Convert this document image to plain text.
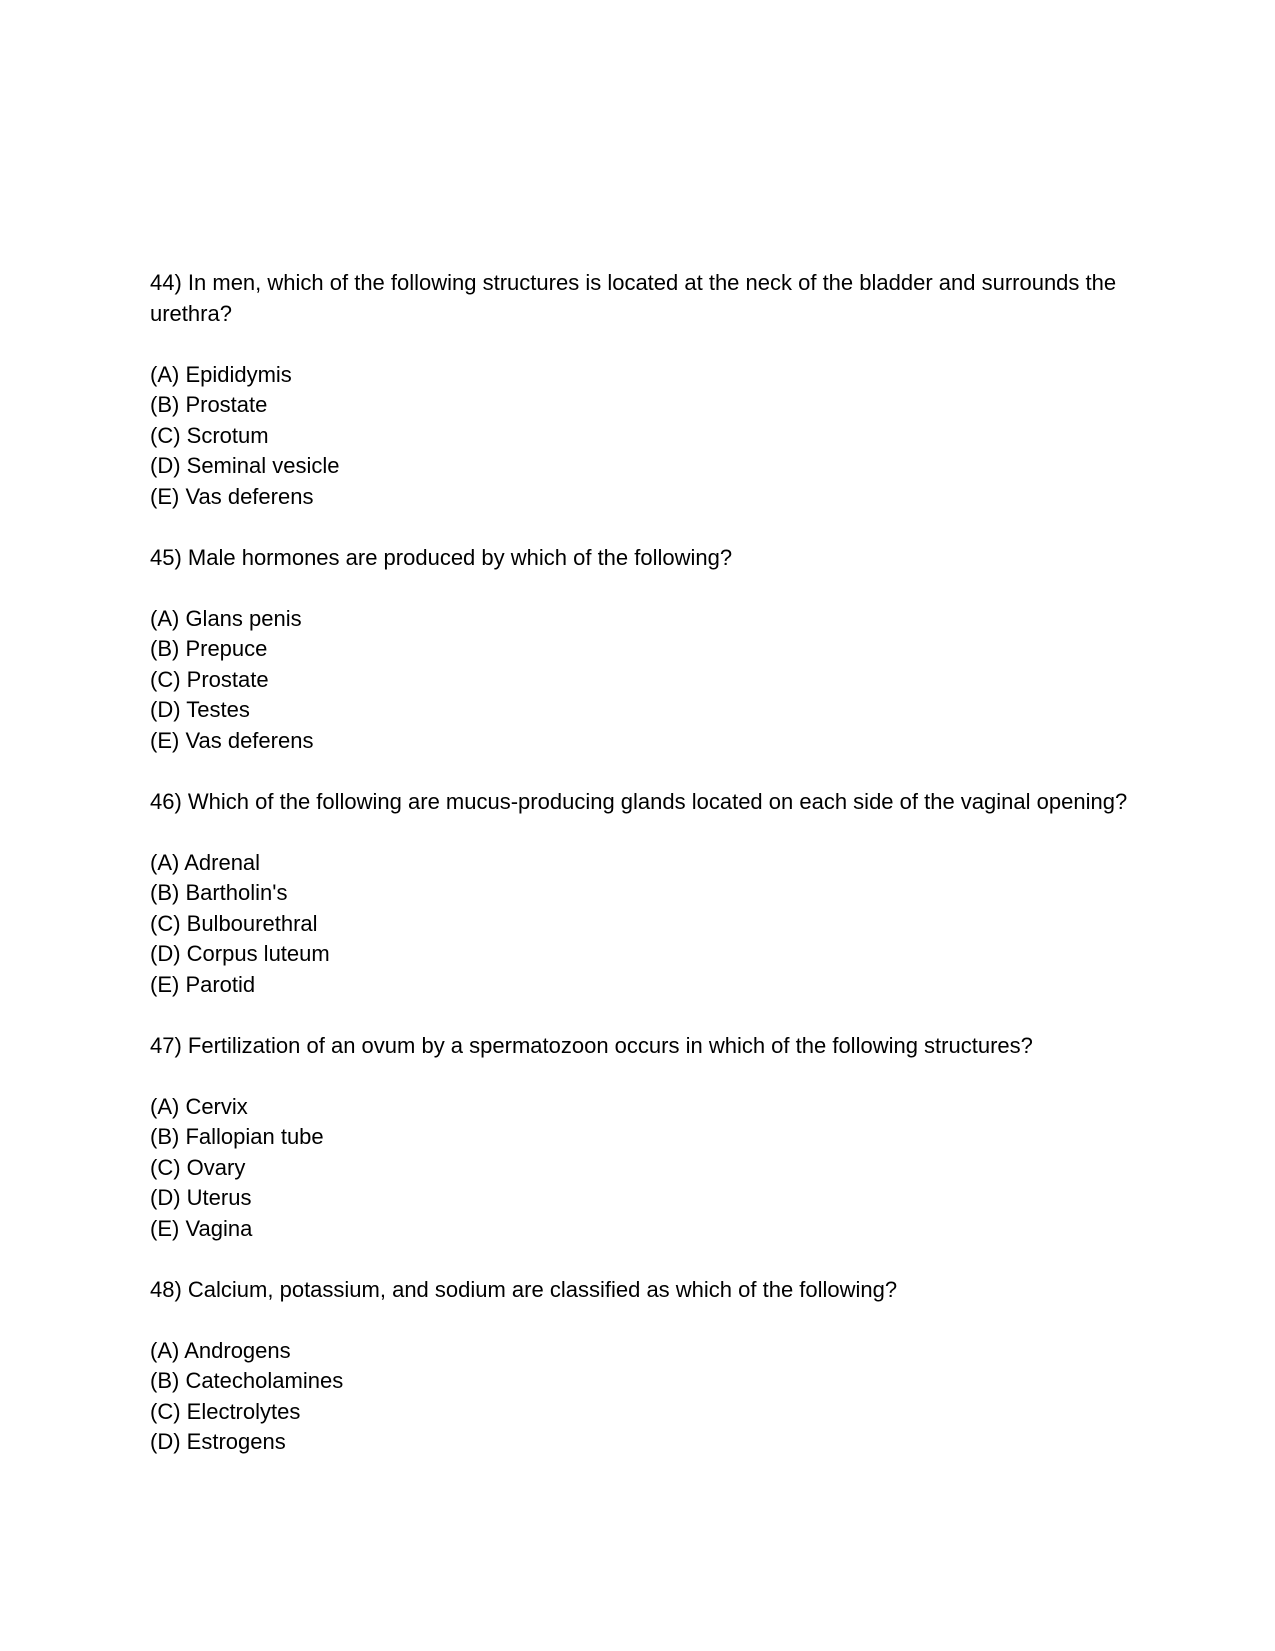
44) In men, which of the following structures is located at the neck of the bladder and surrounds the urethra?
(A) Epididymis
(B) Prostate
(C) Scrotum
(D) Seminal vesicle
(E) Vas deferens
45) Male hormones are produced by which of the following?
(A) Glans penis
(B) Prepuce
(C) Prostate
(D) Testes
(E) Vas deferens
46) Which of the following are mucus-producing glands located on each side of the vaginal opening?
(A) Adrenal
(B) Bartholin's
(C) Bulbourethral
(D) Corpus luteum
(E) Parotid
47) Fertilization of an ovum by a spermatozoon occurs in which of the following structures?
(A) Cervix
(B) Fallopian tube
(C) Ovary
(D) Uterus
(E) Vagina
48) Calcium, potassium, and sodium are classified as which of the following?
(A) Androgens
(B) Catecholamines
(C) Electrolytes
(D) Estrogens
